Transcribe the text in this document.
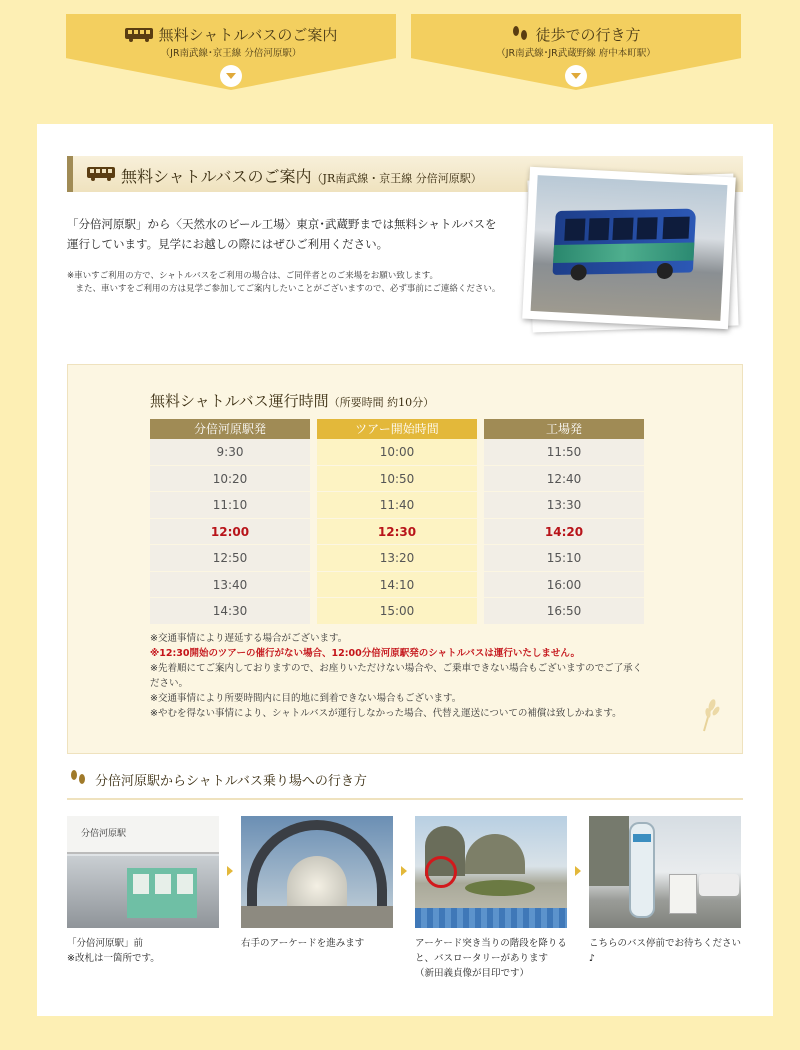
無料シャトルバスのご案内
（JR南武線･京王線 分倍河原駅）
徒歩での行き方
（JR南武線･JR武蔵野線 府中本町駅）
無料シャトルバスのご案内（JR南武線・京王線 分倍河原駅）
「分倍河原駅」から〈天然水のビール工場〉東京･武蔵野までは無料シャトルバスを運行しています。見学にお越しの際にはぜひご利用ください。
※車いすご利用の方で、シャトルバスをご利用の場合は、ご同伴者とのご来場をお願い致します。
　また、車いすをご利用の方は見学ご参加してご案内したいことがございますので、必ず事前にご連絡ください。
無料シャトルバス運行時間（所要時間 約10分）
分倍河原駅発
9:30
10:20
11:10
12:00
12:50
13:40
14:30
ツアー開始時間
10:00
10:50
11:40
12:30
13:20
14:10
15:00
工場発
11:50
12:40
13:30
14:20
15:10
16:00
16:50
※交通事情により遅延する場合がございます。
※12:30開始のツアーの催行がない場合、12:00分倍河原駅発のシャトルバスは運行いたしません。
※先着順にてご案内しておりますので、お座りいただけない場合や、ご乗車できない場合もございますのでご了承ください。
※交通事情により所要時間内に目的地に到着できない場合もございます。
※やむを得ない事情により、シャトルバスが運行しなかった場合、代替え運送についての補償は致しかねます。
分倍河原駅からシャトルバス乗り場への行き方
分倍河原駅
「分倍河原駅」前
※改札は一箇所です。
右手のアーケードを進みます	アーケード突き当りの階段を降りると、バスロータリーがあります
（新田義貞像が目印です）
こちらのバス停前でお待ちください♪
